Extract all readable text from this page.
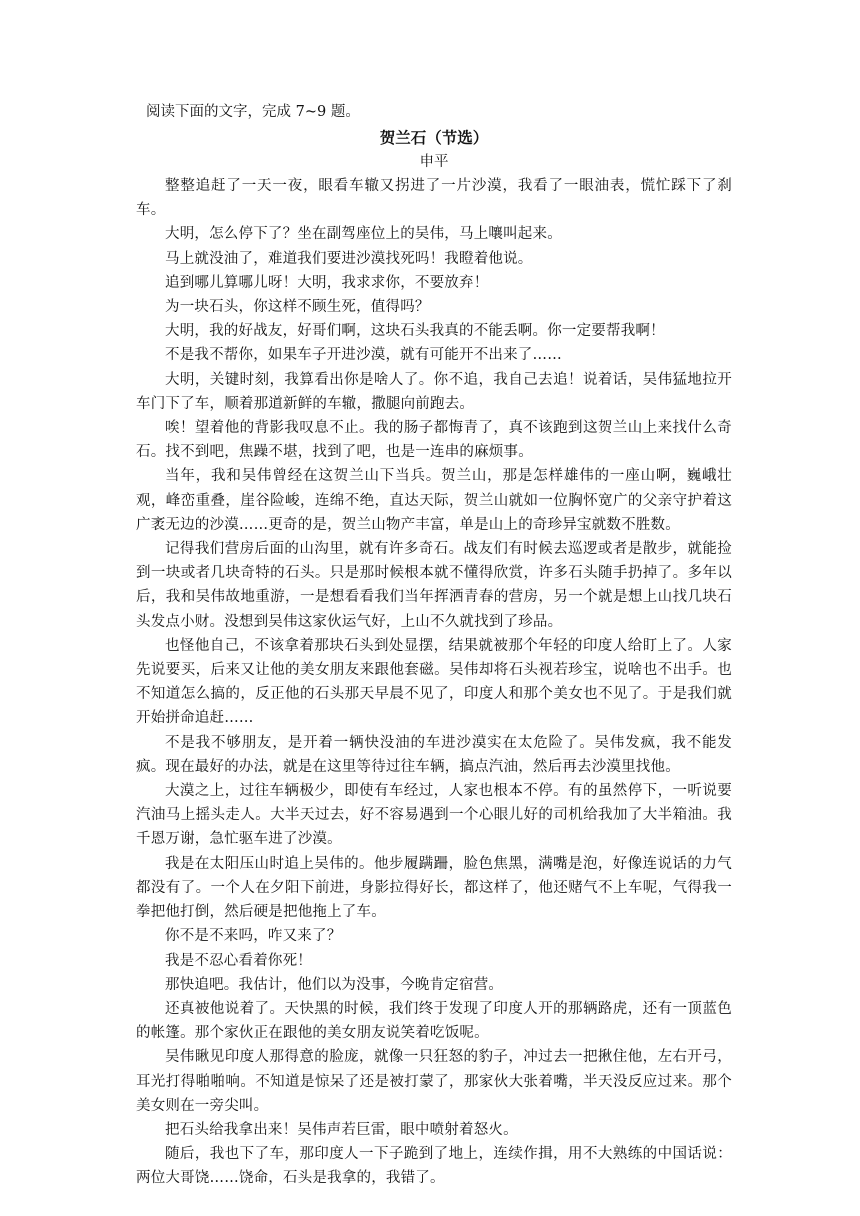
阅读下面的文字，完成 7~9 题。

贺兰石（节选）

申平

整整追赶了一天一夜，眼看车辙又拐进了一片沙漠，我看了一眼油表，慌忙踩下了刹车。

大明，怎么停下了？坐在副驾座位上的吴伟，马上嚷叫起来。

马上就没油了，难道我们要进沙漠找死吗！我瞪着他说。

追到哪儿算哪儿呀！大明，我求求你，不要放弃！

为一块石头，你这样不顾生死，值得吗？

大明，我的好战友，好哥们啊，这块石头我真的不能丢啊。你一定要帮我啊！

不是我不帮你，如果车子开进沙漠，就有可能开不出来了……

大明，关键时刻，我算看出你是啥人了。你不追，我自己去追！说着话，吴伟猛地拉开车门下了车，顺着那道新鲜的车辙，撒腿向前跑去。

唉！望着他的背影我叹息不止。我的肠子都悔青了，真不该跑到这贺兰山上来找什么奇石。找不到吧，焦躁不堪，找到了吧，也是一连串的麻烦事。

当年，我和吴伟曾经在这贺兰山下当兵。贺兰山，那是怎样雄伟的一座山啊，巍峨壮观，峰峦重叠，崖谷险峻，连绵不绝，直达天际，贺兰山就如一位胸怀宽广的父亲守护着这广袤无边的沙漠……更奇的是，贺兰山物产丰富，单是山上的奇珍异宝就数不胜数。

记得我们营房后面的山沟里，就有许多奇石。战友们有时候去巡逻或者是散步，就能捡到一块或者几块奇特的石头。只是那时候根本就不懂得欣赏，许多石头随手扔掉了。多年以后，我和吴伟故地重游，一是想看看我们当年挥洒青春的营房，另一个就是想上山找几块石头发点小财。没想到吴伟这家伙运气好，上山不久就找到了珍品。

也怪他自己，不该拿着那块石头到处显摆，结果就被那个年轻的印度人给盯上了。人家先说要买，后来又让他的美女朋友来跟他套磁。吴伟却将石头视若珍宝，说啥也不出手。也不知道怎么搞的，反正他的石头那天早晨不见了，印度人和那个美女也不见了。于是我们就开始拼命追赶……

不是我不够朋友，是开着一辆快没油的车进沙漠实在太危险了。吴伟发疯，我不能发疯。现在最好的办法，就是在这里等待过往车辆，搞点汽油，然后再去沙漠里找他。

大漠之上，过往车辆极少，即使有车经过，人家也根本不停。有的虽然停下，一听说要汽油马上摇头走人。大半天过去，好不容易遇到一个心眼儿好的司机给我加了大半箱油。我千恩万谢，急忙驱车进了沙漠。

我是在太阳压山时追上吴伟的。他步履蹒跚，脸色焦黑，满嘴是泡，好像连说话的力气都没有了。一个人在夕阳下前进，身影拉得好长，都这样了，他还赌气不上车呢，气得我一拳把他打倒，然后硬是把他拖上了车。

你不是不来吗，咋又来了？

我是不忍心看着你死！

那快追吧。我估计，他们以为没事，今晚肯定宿营。

还真被他说着了。天快黑的时候，我们终于发现了印度人开的那辆路虎，还有一顶蓝色的帐篷。那个家伙正在跟他的美女朋友说笑着吃饭呢。

吴伟瞅见印度人那得意的脸庞，就像一只狂怒的豹子，冲过去一把揪住他，左右开弓，耳光打得啪啪响。不知道是惊呆了还是被打蒙了，那家伙大张着嘴，半天没反应过来。那个美女则在一旁尖叫。

把石头给我拿出来！吴伟声若巨雷，眼中喷射着怒火。

随后，我也下了车，那印度人一下子跪到了地上，连续作揖，用不大熟练的中国话说：两位大哥饶……饶命，石头是我拿的，我错了。
